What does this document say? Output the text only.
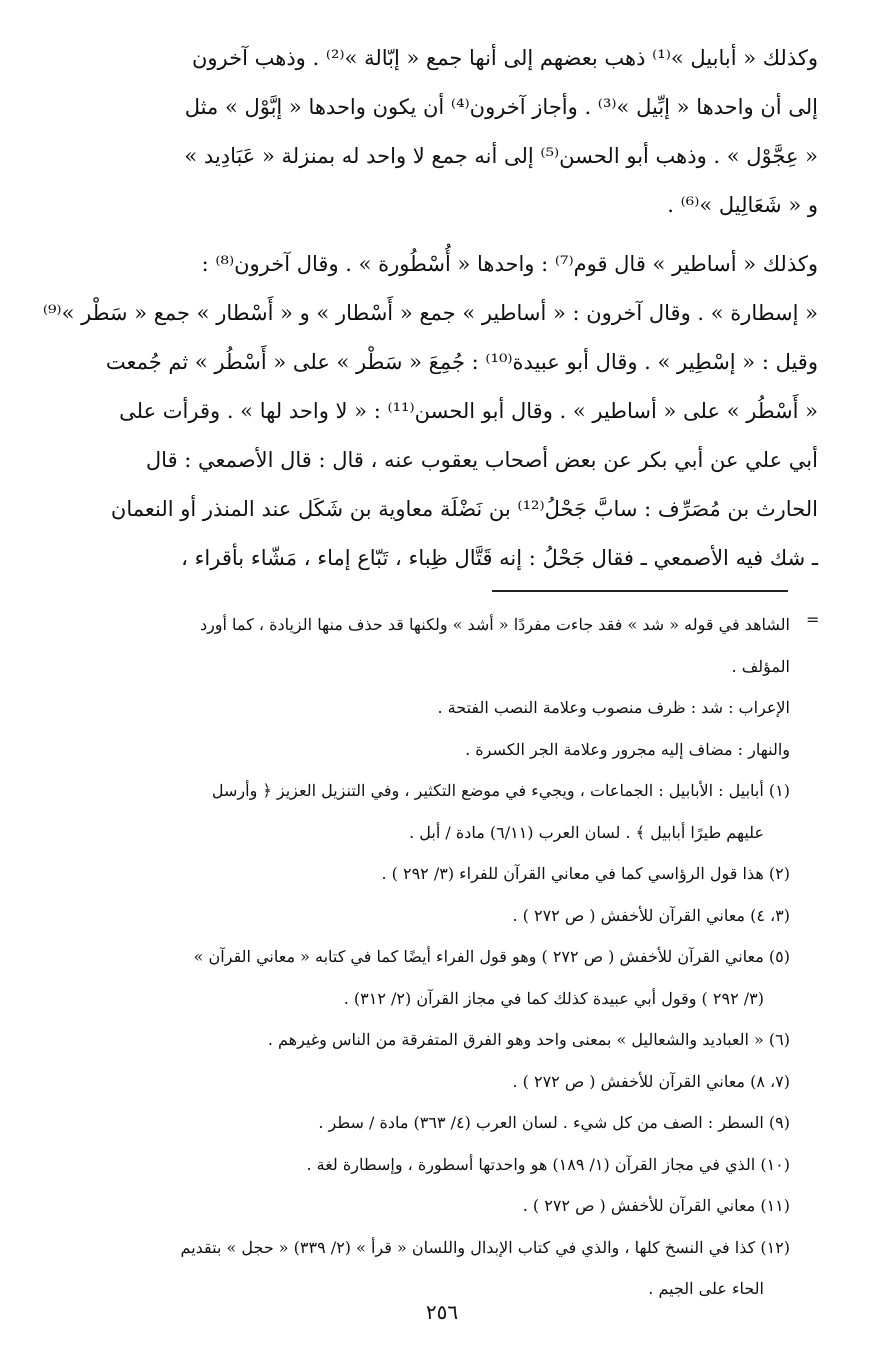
وكذلك « أبابيل »⁽¹⁾ ذهب بعضهم إلى أنها جمع « إبّالة »⁽²⁾ . وذهب آخرون
إلى أن واحدها « إبِّيل »⁽³⁾ . وأجاز آخرون⁽⁴⁾ أن يكون واحدها « إبَّوْل » مثل
« عِجَّوْل » . وذهب أبو الحسن⁽⁵⁾ إلى أنه جمع لا واحد له بمنزلة « عَبَادِيد »
و « شَعَالِيل »⁽⁶⁾ .
وكذلك « أساطير » قال قوم⁽⁷⁾ : واحدها « أُسْطُورة » . وقال آخرون⁽⁸⁾ :
« إسطارة » . وقال آخرون : « أساطير » جمع « أَسْطار » و « أَسْطار » جمع « سَطْر »⁽⁹⁾
وقيل : « إسْطِير » . وقال أبو عبيدة⁽¹⁰⁾ : جُمِعَ « سَطْر » على « أَسْطُر » ثم جُمعت
« أَسْطُر » على « أساطير » . وقال أبو الحسن⁽¹¹⁾ : « لا واحد لها » . وقرأت على
أبي علي عن أبي بكر عن بعض أصحاب يعقوب عنه ، قال : قال الأصمعي : قال
الحارث بن مُصَرِّف : سابَّ جَحْلُ⁽¹²⁾ بن نَضْلَة معاوية بن شَكَل عند المنذر أو النعمان
ـ شك فيه الأصمعي ـ فقال جَحْلُ : إنه قَتَّال ظِباء ، تَبّاع إماء ، مَشّاء بأقراء ،
=
الشاهد في قوله « شد » فقد جاءت مفردًا « أشد » ولكنها قد حذف منها الزيادة ، كما أورد
المؤلف .
الإعراب : شد : ظرف منصوب وعلامة النصب الفتحة .
والنهار : مضاف إليه مجرور وعلامة الجر الكسرة .
(١) أبابيل : الأبابيل : الجماعات ، ويجيء في موضع التكثير ، وفي التنزيل العزيز ﴿ وأرسل
عليهم طيرًا أبابيل ﴾ . لسان العرب (٦/١١) مادة / أبل .
(٢) هذا قول الرؤاسي كما في معاني القرآن للفراء (٣/ ٢٩٢ ) .
(٣، ٤) معاني القرآن للأخفش ( ص ٢٧٢ ) .
(٥) معاني القرآن للأخفش ( ص ٢٧٢ ) وهو قول الفراء أيضًا كما في كتابه « معاني القرآن »
(٣/ ٢٩٢ ) وقول أبي عبيدة كذلك كما في مجاز القرآن (٢/ ٣١٢) .
(٦) « العباديد والشعاليل » بمعنى واحد وهو الفرق المتفرقة من الناس وغيرهم .
(٧، ٨) معاني القرآن للأخفش ( ص ٢٧٢ ) .
(٩) السطر : الصف من كل شيء . لسان العرب (٤/ ٣٦٣) مادة / سطر .
(١٠) الذي في مجاز القرآن (١/ ١٨٩) هو واحدتها أسطورة ، وإسطارة لغة .
(١١) معاني القرآن للأخفش ( ص ٢٧٢ ) .
(١٢) كذا في النسخ كلها ، والذي في كتاب الإبدال واللسان « قرأ » (٢/ ٣٣٩) « حجل » بتقديم
الحاء على الجيم .
٢٥٦
